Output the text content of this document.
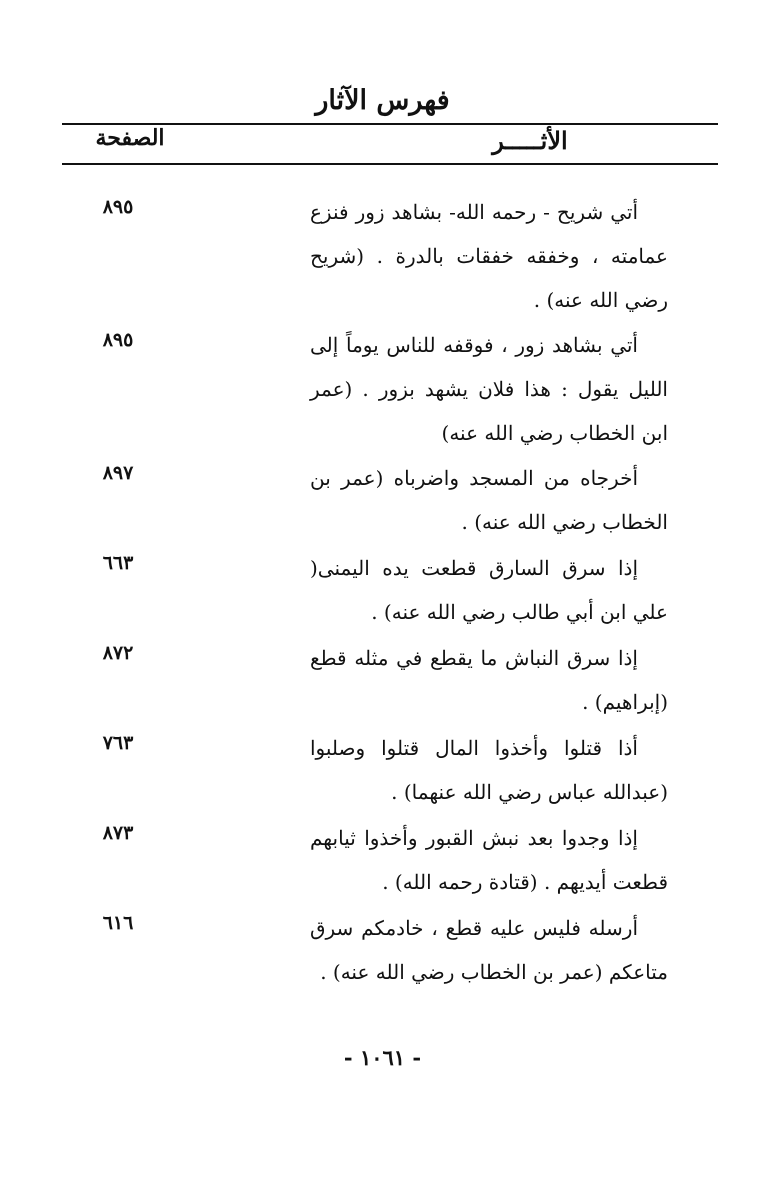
فهرس الآثار
الصفحة	الأثـــــر
أتي شريح - رحمه الله- بشاهد زور فنزع عمامته ، وخفقه خفقات بالدرة . (شريح رضي الله عنه) .
٨٩٥
أتي بشاهد زور ، فوقفه للناس يوماً إلى الليل يقول : هذا فلان يشهد بزور . (عمر ابن الخطاب رضي الله عنه)
٨٩٥
أخرجاه من المسجد واضرباه (عمر بن الخطاب رضي الله عنه) .
٨٩٧
إذا سرق السارق قطعت يده اليمنى( علي ابن أبي طالب رضي الله عنه) .
٦٦٣
إذا سرق النباش ما يقطع في مثله قطع (إبراهيم) .
٨٧٢
أذا قتلوا وأخذوا المال قتلوا وصلبوا (عبدالله عباس رضي الله عنهما) .
٧٦٣
إذا وجدوا بعد نبش القبور وأخذوا ثيابهم قطعت أيديهم . (قتادة رحمه الله) .
٨٧٣
أرسله فليس عليه قطع ، خادمكم سرق متاعكم (عمر بن الخطاب رضي الله عنه) .
٦١٦
- ١٠٦١ -
